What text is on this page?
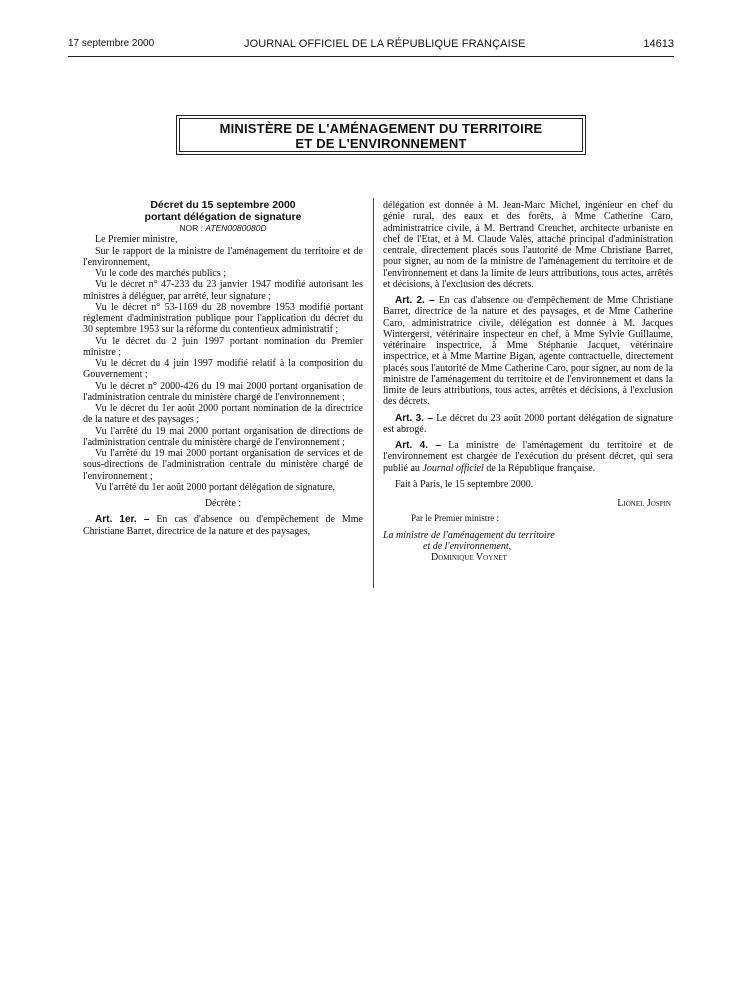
17 septembre 2000	JOURNAL OFFICIEL DE LA RÉPUBLIQUE FRANÇAISE	14613
MINISTÈRE DE L'AMÉNAGEMENT DU TERRITOIRE
ET DE L'ENVIRONNEMENT

Décret du 15 septembre 2000

portant délégation de signature

NOR : ATEN0080080D

Le Premier ministre,

Sur le rapport de la ministre de l'aménagement du territoire et de l'environnement,

Vu le code des marchés publics ;

Vu le décret n° 47-233 du 23 janvier 1947 modifié autorisant les ministres à déléguer, par arrêté, leur signature ;

Vu le décret n° 53-1169 du 28 novembre 1953 modifié portant règlement d'administration publique pour l'application du décret du 30 septembre 1953 sur la réforme du contentieux administratif ;

Vu le décret du 2 juin 1997 portant nomination du Premier ministre ;

Vu le décret du 4 juin 1997 modifié relatif à la composition du Gouvernement ;

Vu le décret n° 2000-426 du 19 mai 2000 portant organisation de l'administration centrale du ministère chargé de l'environnement ;

Vu le décret du 1er août 2000 portant nomination de la directrice de la nature et des paysages ;

Vu l'arrêté du 19 mai 2000 portant organisation de directions de l'administration centrale du ministère chargé de l'environnement ;

Vu l'arrêté du 19 mai 2000 portant organisation de services et de sous-directions de l'administration centrale du ministère chargé de l'environnement ;

Vu l'arrêté du 1er août 2000 portant délégation de signature,

Décrète :

Art. 1er. – En cas d'absence ou d'empêchement de Mme Christiane Barret, directrice de la nature et des paysages,

délégation est donnée à M. Jean-Marc Michel, ingénieur en chef du génie rural, des eaux et des forêts, à Mme Catherine Caro, administratrice civile, à M. Bertrand Creuchet, architecte urbaniste en chef de l'Etat, et à M. Claude Valès, attaché principal d'administration centrale, directement placés sous l'autorité de Mme Christiane Barret, pour signer, au nom de la ministre de l'aménagement du territoire et de l'environnement et dans la limite de leurs attributions, tous actes, arrêtés et décisions, à l'exclusion des décrets.

Art. 2. – En cas d'absence ou d'empêchement de Mme Christiane Barret, directrice de la nature et des paysages, et de Mme Catherine Caro, administratrice civile, délégation est donnée à M. Jacques Wintergerst, vétérinaire inspecteur en chef, à Mme Sylvie Guillaume, vétérinaire inspectrice, à Mme Stéphanie Jacquet, vétérinaire inspectrice, et à Mme Martine Bigan, agente contractuelle, directement placés sous l'autorité de Mme Catherine Caro, pour signer, au nom de la ministre de l'aménagement du territoire et de l'environnement et dans la limite de leurs attributions, tous actes, arrêtés et décisions, à l'exclusion des décrets.

Art. 3. – Le décret du 23 août 2000 portant délégation de signature est abrogé.

Art. 4. – La ministre de l'aménagement du territoire et de l'environnement est chargée de l'exécution du présent décret, qui sera publié au Journal officiel de la République française.

Fait à Paris, le 15 septembre 2000.

Lionel Jospin

Par le Premier ministre :

La ministre de l'aménagement du territoire

et de l'environnement,

Dominique Voynet
